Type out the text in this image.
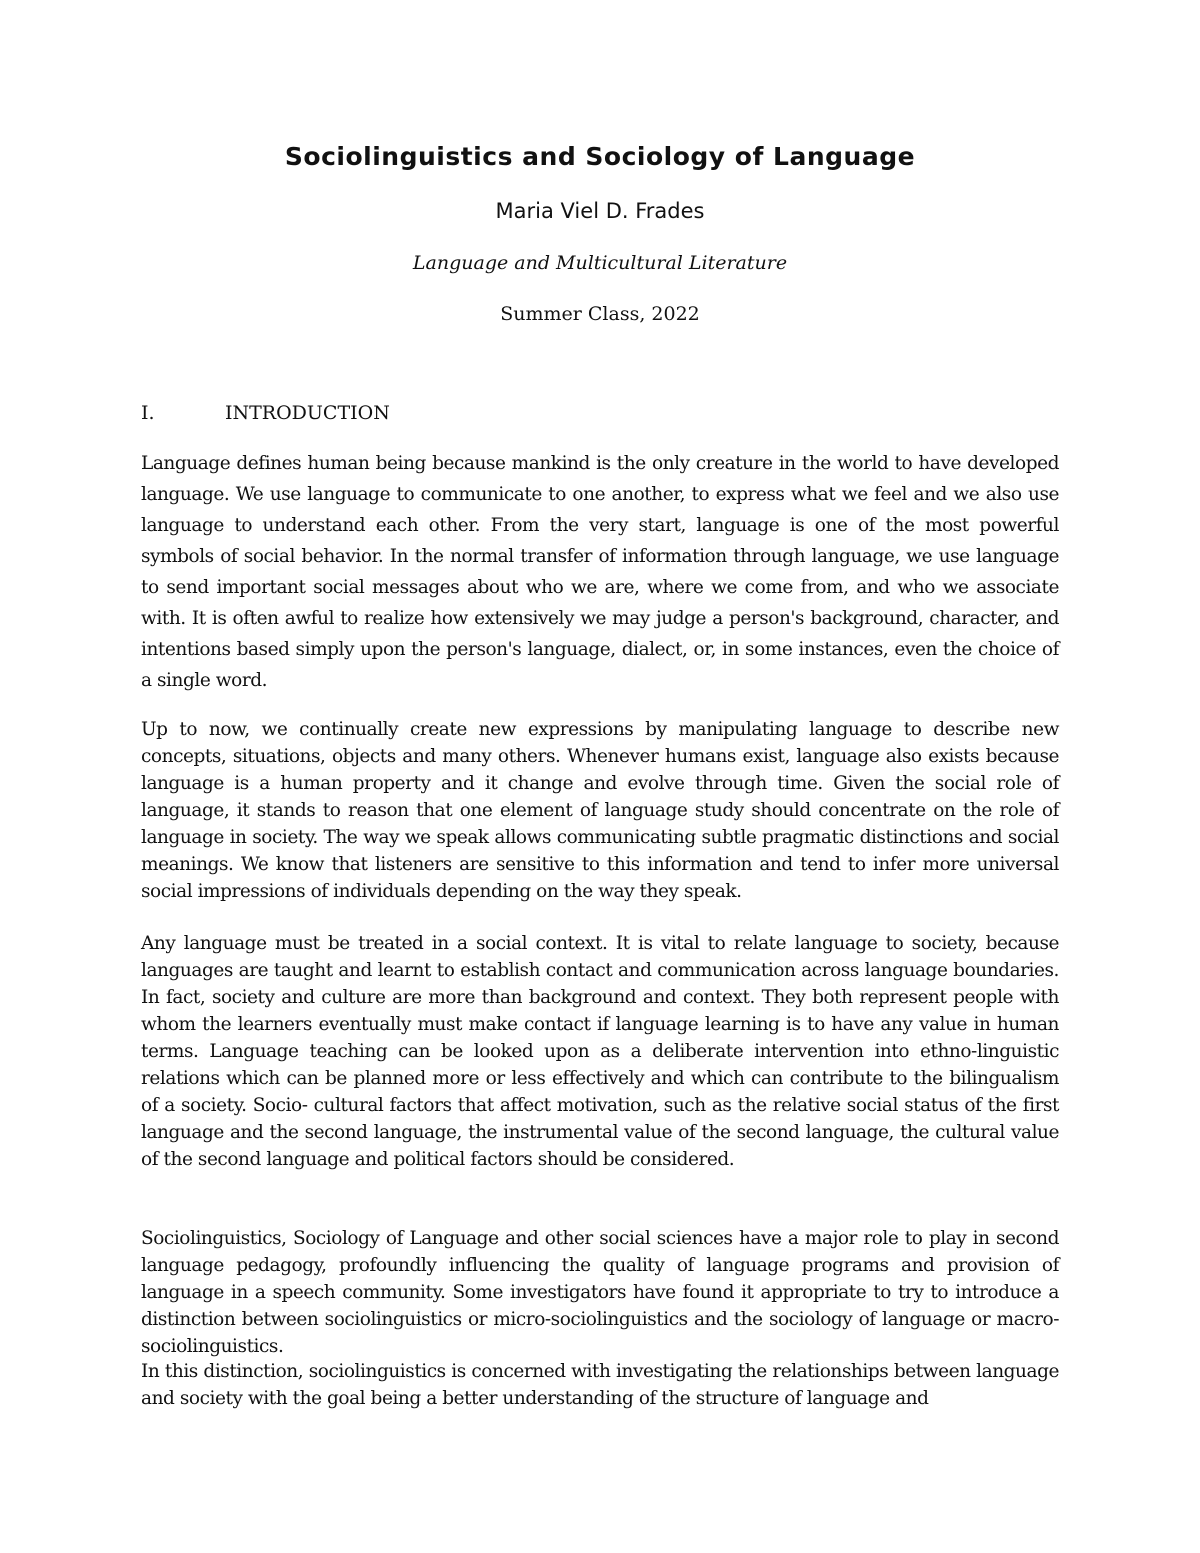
Sociolinguistics and Sociology of Language
Maria Viel D. Frades
Language and Multicultural Literature
Summer Class, 2022
I.	INTRODUCTION

Language defines human being because mankind is the only creature in the world to have developed language. We use language to communicate to one another, to express what we feel and we also use language to understand each other. From the very start, language is one of the most powerful symbols of social behavior. In the normal transfer of information through language, we use language to send important social messages about who we are, where we come from, and who we associate with. It is often awful to realize how extensively we may judge a person's background, character, and intentions based simply upon the person's language, dialect, or, in some instances, even the choice of a single word.

Up to now, we continually create new expressions by manipulating language to describe new concepts, situations, objects and many others. Whenever humans exist, language also exists because language is a human property and it change and evolve through time. Given the social role of language, it stands to reason that one element of language study should concentrate on the role of language in society. The way we speak allows communicating subtle pragmatic distinctions and social meanings. We know that listeners are sensitive to this information and tend to infer more universal social impressions of individuals depending on the way they speak.

Any language must be treated in a social context. It is vital to relate language to society, because languages are taught and learnt to establish contact and communication across language boundaries. In fact, society and culture are more than background and context. They both represent people with whom the learners eventually must make contact if language learning is to have any value in human terms. Language teaching can be looked upon as a deliberate intervention into ethno-linguistic relations which can be planned more or less effectively and which can contribute to the bilingualism of a society. Socio- cultural factors that affect motivation, such as the relative social status of the first language and the second language, the instrumental value of the second language, the cultural value of the second language and political factors should be considered.

Sociolinguistics, Sociology of Language and other social sciences have a major role to play in second language pedagogy, profoundly influencing the quality of language programs and provision of language in a speech community. Some investigators have found it appropriate to try to introduce a distinction between sociolinguistics or micro-sociolinguistics and the sociology of language or macro-sociolinguistics.

In this distinction, sociolinguistics is concerned with investigating the relationships between language and society with the goal being a better understanding of the structure of language and
